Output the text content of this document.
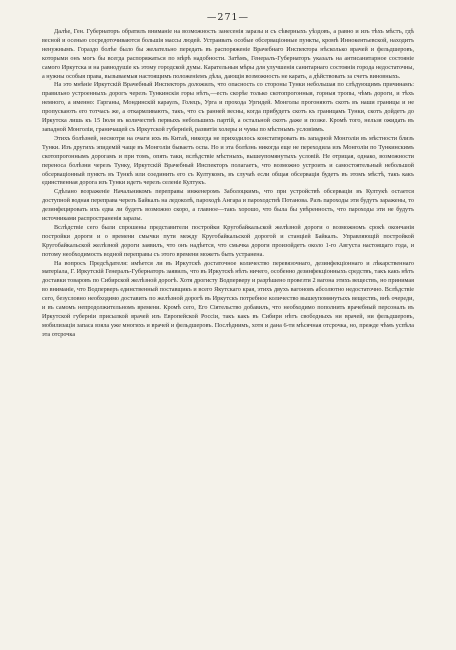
—271—

Далѣе, Ген. Губернаторъ обратилъ вниманіе на возможность занесенія заразы и съ сѣверныхъ уѣздовъ, а равно и изъ тѣхъ мѣстъ, гдѣ весной и осенью сосредоточиваются большія массы людей. Устраивать особые обсерваціонные пункты, кромѣ Иннокентьевской, находитъ ненужнымъ. Гораздо болѣе было бы желательно передать въ распоряженіе Врачебнаго Инспектора нѣсколько врачей и фельдшеровъ, которыми онъ могъ бы всегда распоряжаться по мѣрѣ надобности. Затѣмъ, Генералъ-Губернаторъ указалъ на антисанитарное состояніе самого Иркутска и на равнодушіе къ этому городской думы. Карательныя мѣры для улучшенія санитарнаго состоянія города недостаточны, а нужны особыя права, вызываемыя настоящимъ положеніемъ дѣла, дающія возможность не карать, а дѣйствовать за счетъ виновныхъ.

На это мнѣніе Иркутскій Врачебный Инспекторъ доложилъ, что опасность со стороны Тунки небольшая по слѣдующимъ причинамъ: правильно устроенныхъ дорогъ черезъ Тункинскія горы нѣтъ,—есть скорѣе только скотопрогонныя, горныя тропы, чѣмъ дороги, и тѣхъ немного, а именно: Гарганы, Мондинскій караулъ, Голецъ, Урга и прохода Ургидей. Монголы прогоняютъ скотъ въ наши границы и не пропускаютъ его тотчасъ же, а откармливаютъ, такъ, что съ ранней весны, когда прибудетъ скотъ къ границамъ Тунки, скотъ дойдетъ до Иркутска лишь къ 15 Іюля въ количествѣ первыхъ небольшихъ партій, а остальной скотъ даже и позже. Кромѣ того, нельзя ожидать въ западной Монголіи, граничащей съ Иркутской губерніей, развитія холеры и чумы по мѣстнымъ условіямъ.

Этихъ болѣзней, несмотря на очаги ихъ въ Китаѣ, никогда не приходилось констатировать въ западной Монголіи въ мѣстности близъ Тунки. Изъ другихъ эпидемій чаще въ Монголіи бываетъ оспа. Но и эта болѣзнь никогда еще не переходила изъ Монголіи по Тункинскимъ скотопрогоннымъ дорогамъ и при томъ, опять таки, вслѣдствіе мѣстныхъ, вышеупомянутыхъ условій. Не отрицая, однако, возможности переноса болѣзни черезъ Тунку, Иркутскій Врачебный Инспекторъ полагаетъ, что возможно устроить и самостоятельный небольшой обсерваціонный пунктъ въ Тункѣ или соединить его съ Култукомъ, въ случаѣ если общая обсервація будетъ въ этомъ мѣстѣ, такъ какъ единственная дорога изъ Тунки идетъ черезъ селеніе Култукъ.

Сдѣлано возраженіе Начальникомъ переправы инженеромъ Заболоцкимъ, что при устройствѣ обсерваціи въ Култукѣ остается доступной водная переправа черезъ Байкалъ на ледоколѣ, пароходѣ Ангара и пароходствѣ Потанова. Разъ пароходы эти будутъ заражены, то дезинфецировать ихъ едва ли будетъ возможно скоро, а главное—такъ хорошо, что была бы увѣренность, что пароходы эти не будутъ источниками распространенія заразы.

Вслѣдствіе сего были спрошены представители постройки Кругобайкальской желѣзной дороги о возможномъ срокѣ окончанія постройки дороги и о времени смычки пути между Кругобайкальской дорогой и станціей Байкалъ. Управляющій постройкой Кругобайкальской желѣзной дороги заявилъ, что онъ надѣется, что смычка дороги произойдетъ около 1-го Августа настоящаго года, и потому необходимость водной переправы съ этого времени можетъ быть устранена.

На вопросъ Предсѣдателя: имѣется ли въ Иркутскѣ достаточное количество перевязочнаго, дезинфекціоннаго и лѣкарственнаго матеріала, Г. Иркутскій Генералъ-Губернаторъ заявилъ, что въ Иркутскѣ нѣтъ ничего, особенно дезинфекціонныхъ средствъ, такъ какъ нѣтъ доставки товаровъ по Сибирской желѣзной дорогѣ. Хотя дрогисту Водперверу и разрѣшено провезти 2 вагона этихъ веществъ, но принимая во вниманіе, что Водперверъ единственный поставщикъ и всего Якутскаго края, этихъ двухъ вагоновъ абсолютно недостаточно. Вслѣдствіе сего, безусловно необходимо доставить по желѣзной дорогѣ въ Иркутскъ потребное количество вышеупомянутыхъ веществъ, внѣ очереди, и въ самомъ непродолжительномъ времени. Кромѣ сего, Его Сіятельство добавилъ, что необходимо пополнить врачебный персоналъ въ Иркутской губерніи присылкой врачей изъ Европейской Россіи, такъ какъ въ Сибири нѣтъ свободныхъ ни врачей, ни фельдшеровъ, мобилизація запаса взяла уже многихъ и врачей и фельдшеровъ. Послѣднимъ, хотя и дана 6-ти мѣсячная отсрочка, но, прежде чѣмъ успѣла эта отсрочка
